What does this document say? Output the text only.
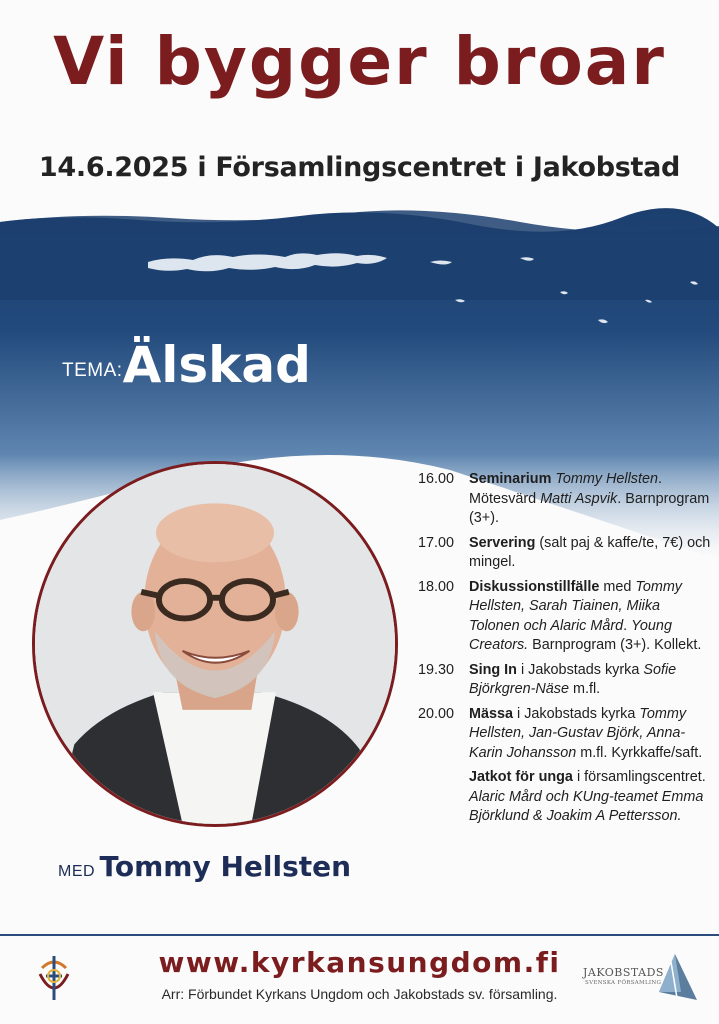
Vi bygger broar
14.6.2025 i Församlingscentret i Jakobstad
TEMA:Älskad
MED Tommy Hellsten
16.00	Seminarium Tommy Hellsten. Mötesvärd Matti Aspvik. Barnprogram (3+).
17.00	Servering (salt paj & kaffe/te, 7€) och mingel.
18.00	Diskussionstillfälle med Tommy Hellsten, Sarah Tiainen, Miika Tolonen och Alaric Mård. Young Creators. Barnprogram (3+). Kollekt.
19.30	Sing In i Jakobstads kyrka Sofie Björkgren-Näse m.fl.
20.00	Mässa i Jakobstads kyrka Tommy Hellsten, Jan-Gustav Björk, Anna-Karin Johansson m.fl. Kyrkkaffe/saft.
Jatkot för unga i församlingscentret. Alaric Mård och KUng-teamet Emma Björklund & Joakim A Pettersson.
www.kyrkansungdom.fi
Arr: Förbundet Kyrkans Ungdom och Jakobstads sv. församling.
JAKOBSTADS
SVENSKA FÖRSAMLING
